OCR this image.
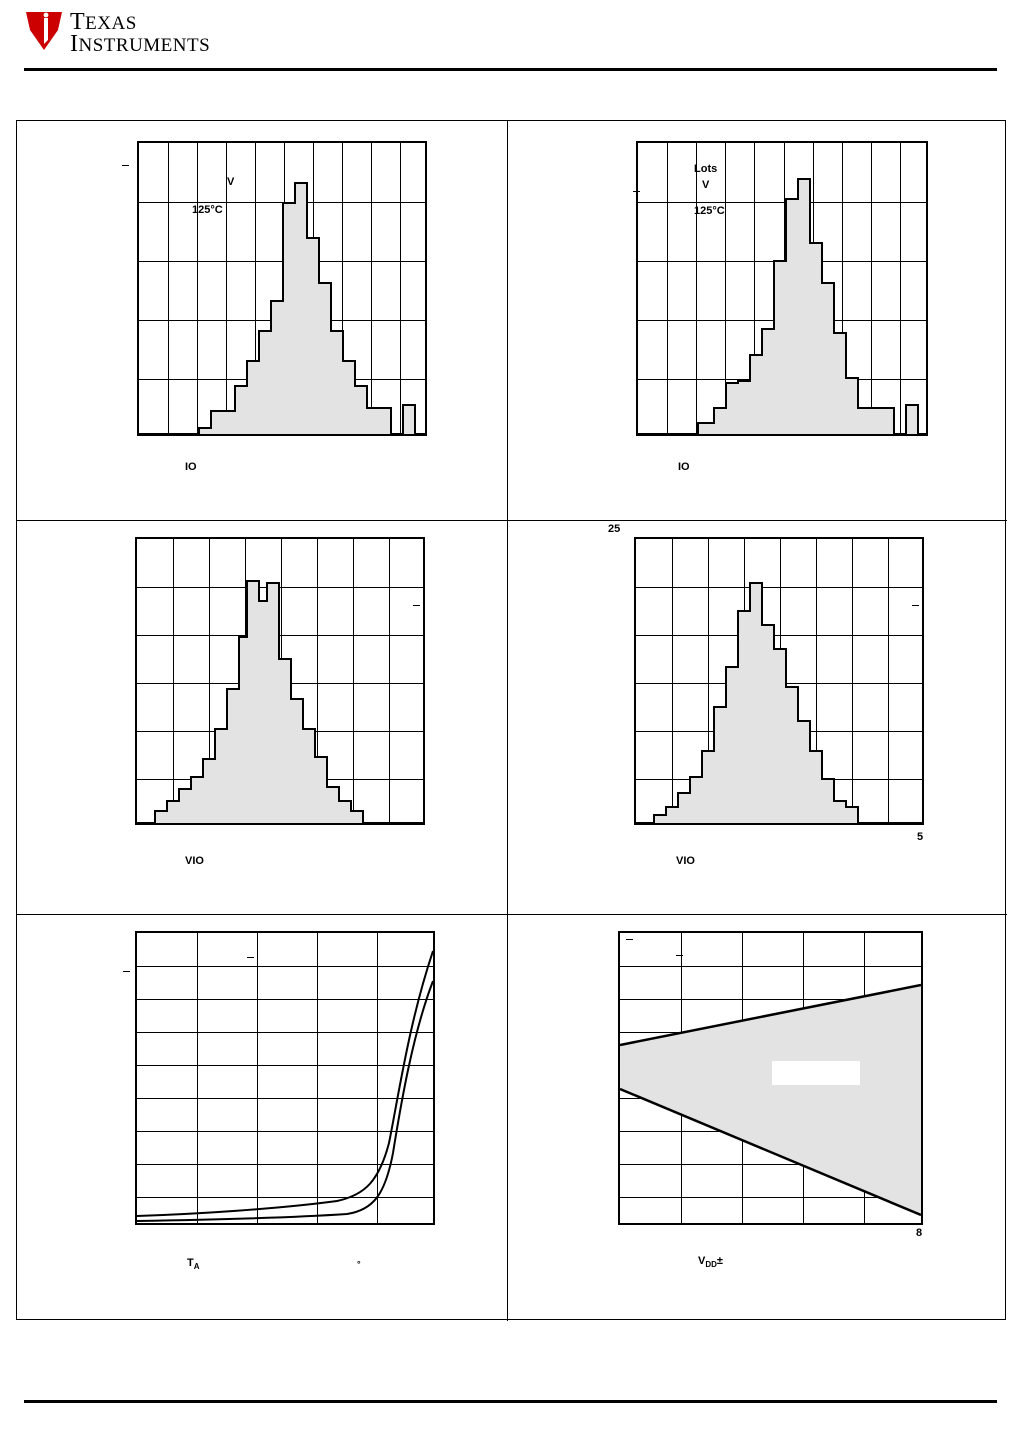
TEXAS
INSTRUMENTS
V
125°C
IO
Lots
V
125°C
IO
VIO
25
5
VIO
$T_A$	°
8
$V_{DD}\pm$
